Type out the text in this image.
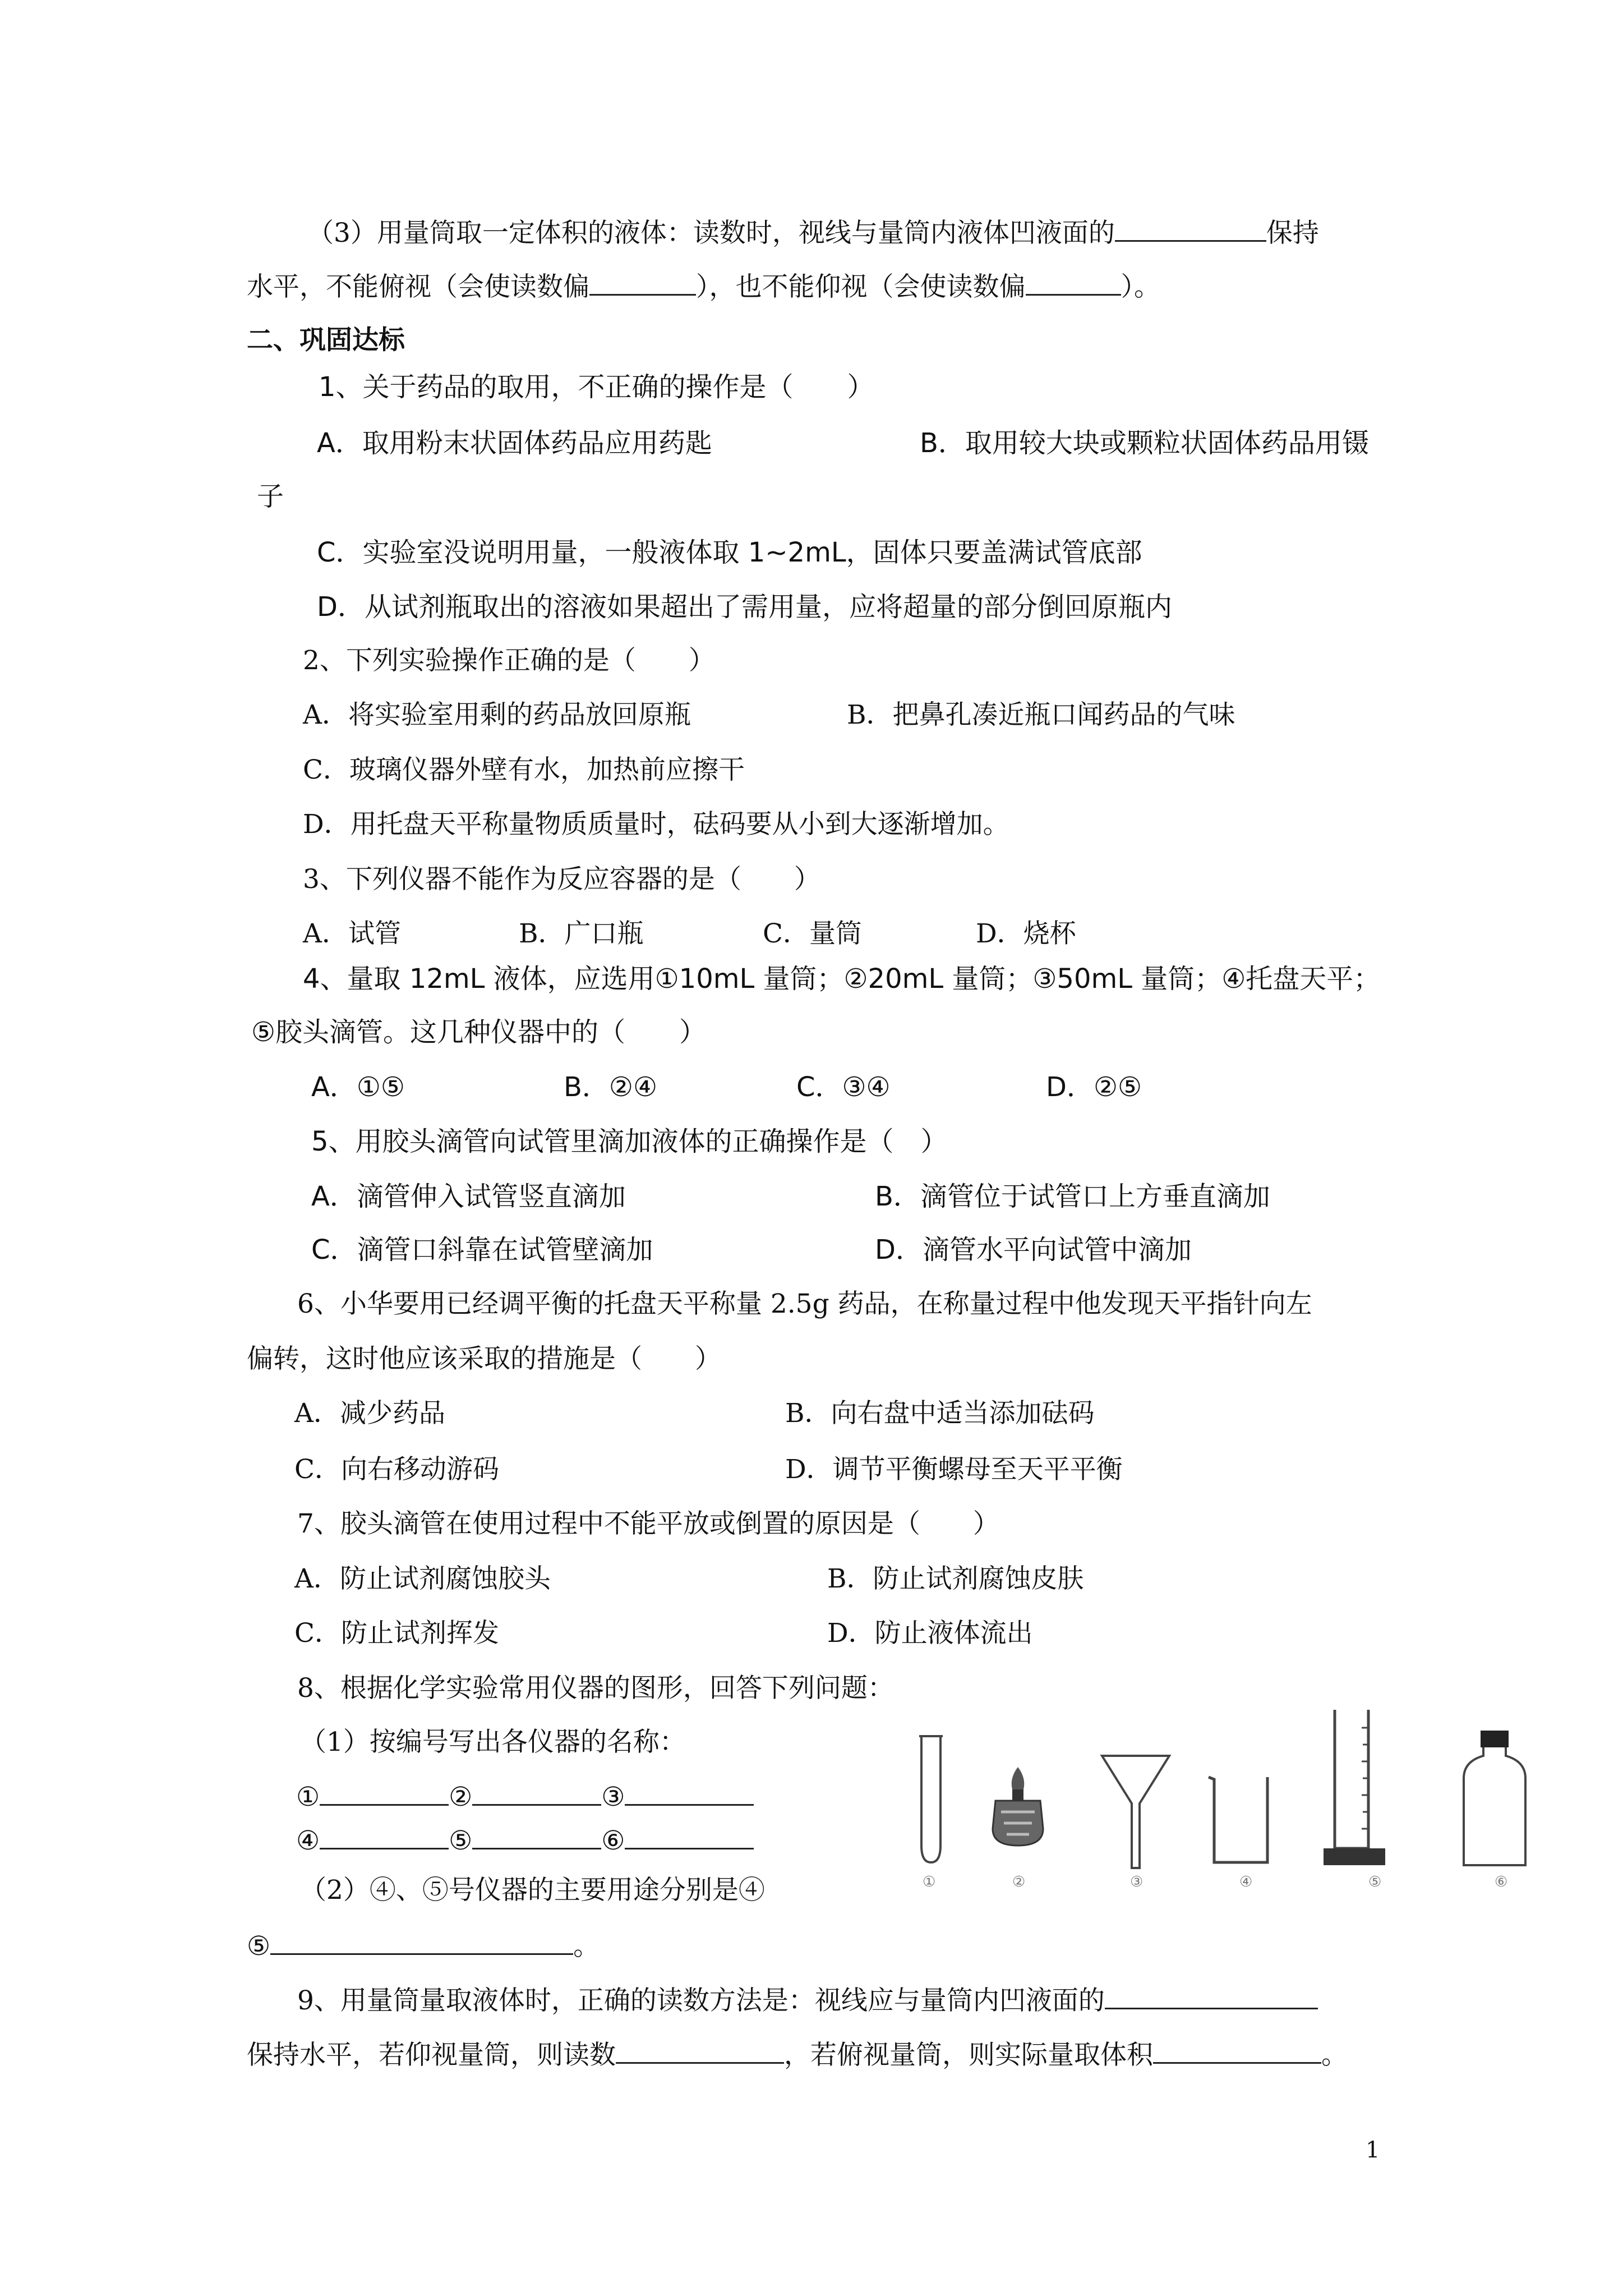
（3）用量筒取一定体积的液体：读数时，视线与量筒内液体凹液面的	保持
水平，不能俯视（会使读数偏	），也不能仰视（会使读数偏	）。
二、巩固达标
1、关于药品的取用，不正确的操作是（　　）
A．取用粉末状固体药品应用药匙	B．取用较大块或颗粒状固体药品用镊
子
C．实验室没说明用量，一般液体取 1~2mL，固体只要盖满试管底部
D．从试剂瓶取出的溶液如果超出了需用量，应将超量的部分倒回原瓶内
2、下列实验操作正确的是（　　）
A．将实验室用剩的药品放回原瓶	B．把鼻孔凑近瓶口闻药品的气味
C．玻璃仪器外壁有水，加热前应擦干
D．用托盘天平称量物质质量时，砝码要从小到大逐渐增加。
3、下列仪器不能作为反应容器的是（　　）
A．试管	B．广口瓶	C．量筒	D．烧杯
4、量取 12mL 液体，应选用①10mL 量筒；②20mL 量筒；③50mL 量筒；④托盘天平；
⑤胶头滴管。这几种仪器中的（　　）
A．①⑤	B．②④	C．③④	D．②⑤
5、用胶头滴管向试管里滴加液体的正确操作是（　）
A．滴管伸入试管竖直滴加	B．滴管位于试管口上方垂直滴加
C．滴管口斜靠在试管壁滴加	D．滴管水平向试管中滴加
6、小华要用已经调平衡的托盘天平称量 2.5g 药品，在称量过程中他发现天平指针向左
偏转，这时他应该采取的措施是（　　）
A．减少药品	B．向右盘中适当添加砝码
C．向右移动游码	D．调节平衡螺母至天平平衡
7、胶头滴管在使用过程中不能平放或倒置的原因是（　　）
A．防止试剂腐蚀胶头	B．防止试剂腐蚀皮肤
C．防止试剂挥发	D．防止液体流出
8、根据化学实验常用仪器的图形，回答下列问题：
（1）按编号写出各仪器的名称：
①	②	③
④	⑤	⑥
（2）④、⑤号仪器的主要用途分别是④
⑤	。
①	②	③	④	⑤	⑥
9、用量筒量取液体时，正确的读数方法是：视线应与量筒内凹液面的
保持水平，若仰视量筒，则读数	，若俯视量筒，则实际量取体积	。
1
